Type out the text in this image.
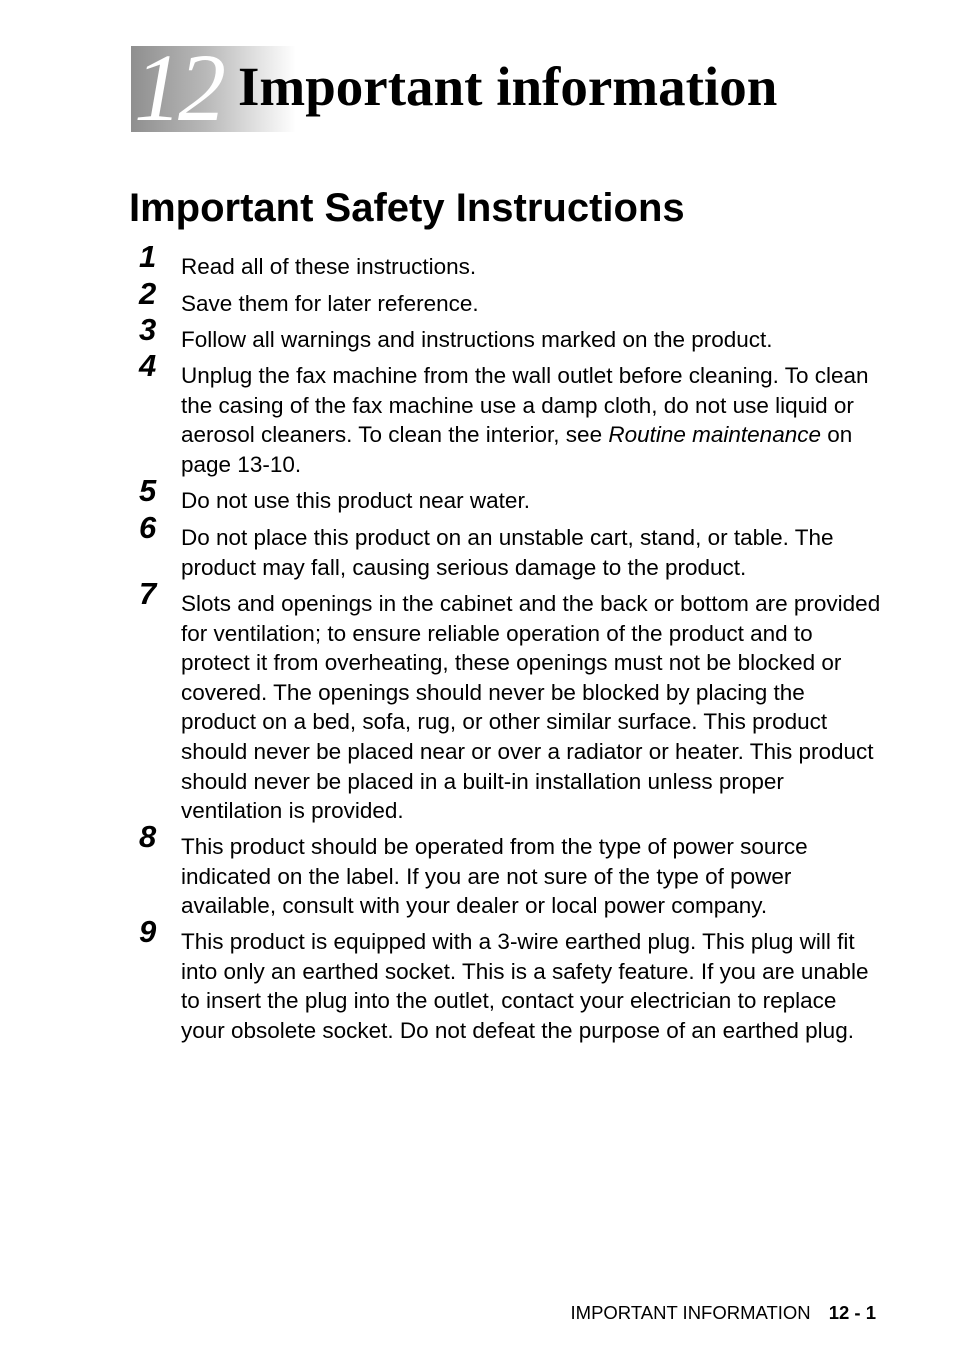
12 Important information
Important Safety Instructions
1	Read all of these instructions.
2	Save them for later reference.
3	Follow all warnings and instructions marked on the product.
4	Unplug the fax machine from the wall outlet before cleaning. To clean the casing of the fax machine use a damp cloth, do not use liquid or aerosol cleaners. To clean the interior, see Routine maintenance on page 13-10.
5	Do not use this product near water.
6	Do not place this product on an unstable cart, stand, or table. The product may fall, causing serious damage to the product.
7	Slots and openings in the cabinet and the back or bottom are provided for ventilation; to ensure reliable operation of the product and to protect it from overheating, these openings must not be blocked or covered. The openings should never be blocked by placing the product on a bed, sofa, rug, or other similar surface. This product should never be placed near or over a radiator or heater. This product should never be placed in a built-in installation unless proper ventilation is provided.
8	This product should be operated from the type of power source indicated on the label. If you are not sure of the type of power available, consult with your dealer or local power company.
9	This product is equipped with a 3-wire earthed plug. This plug will fit into only an earthed socket. This is a safety feature. If you are unable to insert the plug into the outlet, contact your electrician to replace your obsolete socket. Do not defeat the purpose of an earthed plug.
IMPORTANT INFORMATION 12 - 1
